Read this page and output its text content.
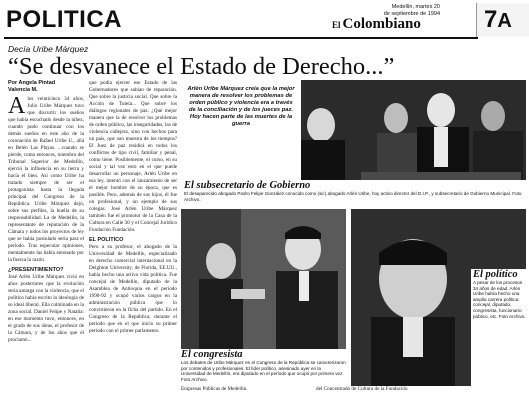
POLITICA	Medellín, martes 20
de septiembre de 1994
El Colombiano	7A
Decía Uribe Márquez
“Se desvanece el Estado de Derecho...”
Por Angela Pintad
Valencia M.
A los veinticinco 34 años, Julio Uribe Márquez tuvo que discurrir los sueños que había escuchado desde la niñez, cuando pudo continuar con los demás sueños en este año de la coronación de Rafael Uribe U., allá en Belén Las Playas. ...cuando se pierde, como entonces, miembro del Tribunal Superior de Medellín, ejerció la influencia en su tierra y hacía el bien. Así como Uribe ha tratado siempre de ser el protagonista hasta la llegada principal del Congreso de la República. Uribe Márquez dejó, sobre sus perfiles, la huella de su responsabilidad. La de Medellín, la representante de reputación de la Cámara y todos los proyectos de ley que se había postulado seria para el período. Tras especular opiniones, mentalmente las había entonado por la fuerza la razón.
¿PRESENTIMIENTO?
José Arlén Uribe Márquez vivió en años posteriores que la evolución sería amarga con la violencia, que el político había escrito la ideología de su ideal liberal. Ella culminada en la zona social, Daniel Felipe y Natalia: en ese momento tuvo, entonces, en el grado de sus ideas, el profesor de la Cámara, y de los años que él proclamó...
que podía ejercer ese Estado de las Gobernadores que sabían de reparación. Que sobre la justicia social. Que sobre la Acción de Tutela... Que sobre los diálogos regionales de paz. ¿Qué mejor manera que la de resolver los problemas de orden público, las inseguridades, las de violencia callejera, sino con hechos para un país, que son muestra de los tiempos? El Juez de paz residirá en todos los conflictos de tipo civil, familiar y penal, como tiene. Posiblemente, el curso, en su social y tal vez esto en el que puede desarrollar un personaje, Arlén Uribe en esa ley, intentó con el lanzamiento de ser el mejor hombre de su época, que es posible. Pero, además de sus hijos, él fue un profesional, y un ejemplo de sus colegas. José Arlén Uribe Márquez también fue el promotor de la Casa de la Cultura en Calle 30 y el Concejal Jurídico Fundación Fundación.
EL POLITICO
Pero a su profesor, el abogado de la Universidad de Medellín, especializado en derecho comercial internacional en la Deighton University, de Florida, EE.UU., había hecho una activa vida política. Fue concejal de Medellín, diputado de la Asamblea de Antioquia en el período 1990-92 y ocupó varios cargos en la administración pública que lo convirtieron en la ficha del partido. En el Congreso de la República, durante el período que en el que inicio su primer periodo con el primer parlamento.
Empresas Públicas de Medellín.	del Concentrado de Cultura de la Fundación
Arlén Uribe Márquez creía que la mejor manera de resolver los problemas de orden público y violencia era a través de la conciliación y de los jueces paz. Hoy hacen parte de las muertes de la guerra
El subsecretario de Gobierno
El desaparecido abogado Pedro Felipe González conocido como (sic) abogado Arlén Uribe, hoy activo director del D.I.P., y subsecretario de Gobierno Municipal. Foto Archivo.
El congresista
Los debates de Uribe Márquez en el Congreso de la República se caracterizaron por contenidos y profesionales. El líder político, asesinado ayer en la Universidad de Medellín, era diputado en el período que ocupó por primera vez. Foto Archivo.
El político
A pesar de los procesos 34 años de edad, Arlén Uribe había hecho una amplia carrera política: concejal, diputado, congresista, funcionario público, etc. Foto Archivo.
